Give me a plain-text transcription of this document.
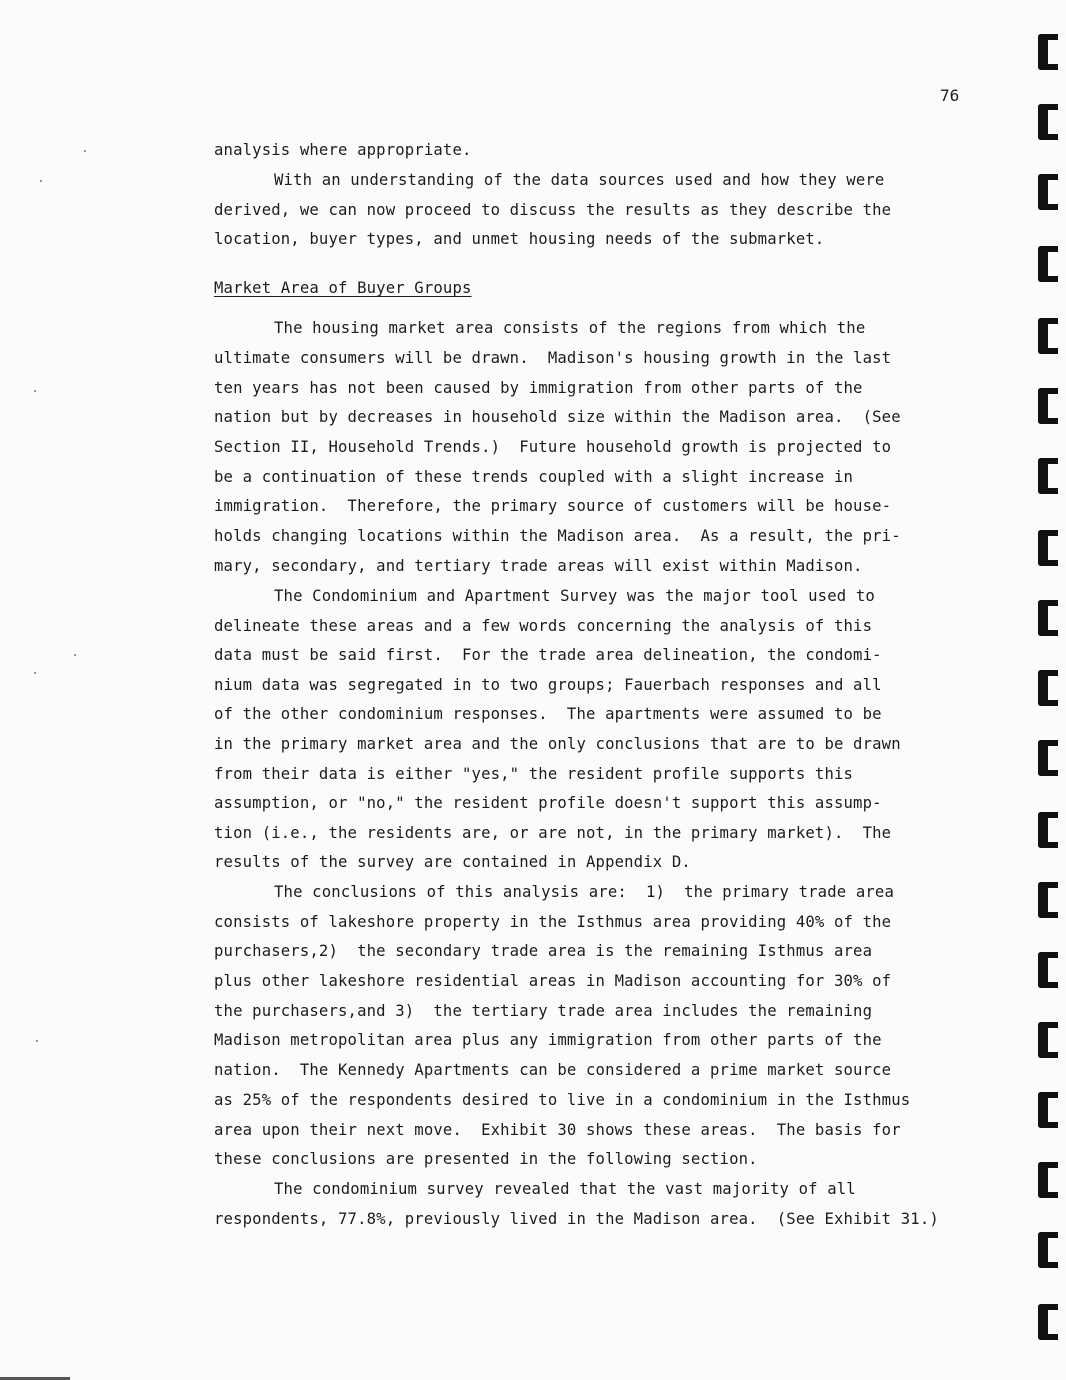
76
analysis where appropriate.
With an understanding of the data sources used and how they were
derived, we can now proceed to discuss the results as they describe the
location, buyer types, and unmet housing needs of the submarket.
Market Area of Buyer Groups
The housing market area consists of the regions from which the
ultimate consumers will be drawn.  Madison's housing growth in the last
ten years has not been caused by immigration from other parts of the
nation but by decreases in household size within the Madison area.  (See
Section II, Household Trends.)  Future household growth is projected to
be a continuation of these trends coupled with a slight increase in
immigration.  Therefore, the primary source of customers will be house-
holds changing locations within the Madison area.  As a result, the pri-
mary, secondary, and tertiary trade areas will exist within Madison.
The Condominium and Apartment Survey was the major tool used to
delineate these areas and a few words concerning the analysis of this
data must be said first.  For the trade area delineation, the condomi-
nium data was segregated in to two groups; Fauerbach responses and all
of the other condominium responses.  The apartments were assumed to be
in the primary market area and the only conclusions that are to be drawn
from their data is either "yes," the resident profile supports this
assumption, or "no," the resident profile doesn't support this assump-
tion (i.e., the residents are, or are not, in the primary market).  The
results of the survey are contained in Appendix D.
The conclusions of this analysis are:  1)  the primary trade area
consists of lakeshore property in the Isthmus area providing 40% of the
purchasers,2)  the secondary trade area is the remaining Isthmus area
plus other lakeshore residential areas in Madison accounting for 30% of
the purchasers,and 3)  the tertiary trade area includes the remaining
Madison metropolitan area plus any immigration from other parts of the
nation.  The Kennedy Apartments can be considered a prime market source
as 25% of the respondents desired to live in a condominium in the Isthmus
area upon their next move.  Exhibit 30 shows these areas.  The basis for
these conclusions are presented in the following section.
The condominium survey revealed that the vast majority of all
respondents, 77.8%, previously lived in the Madison area.  (See Exhibit 31.)
